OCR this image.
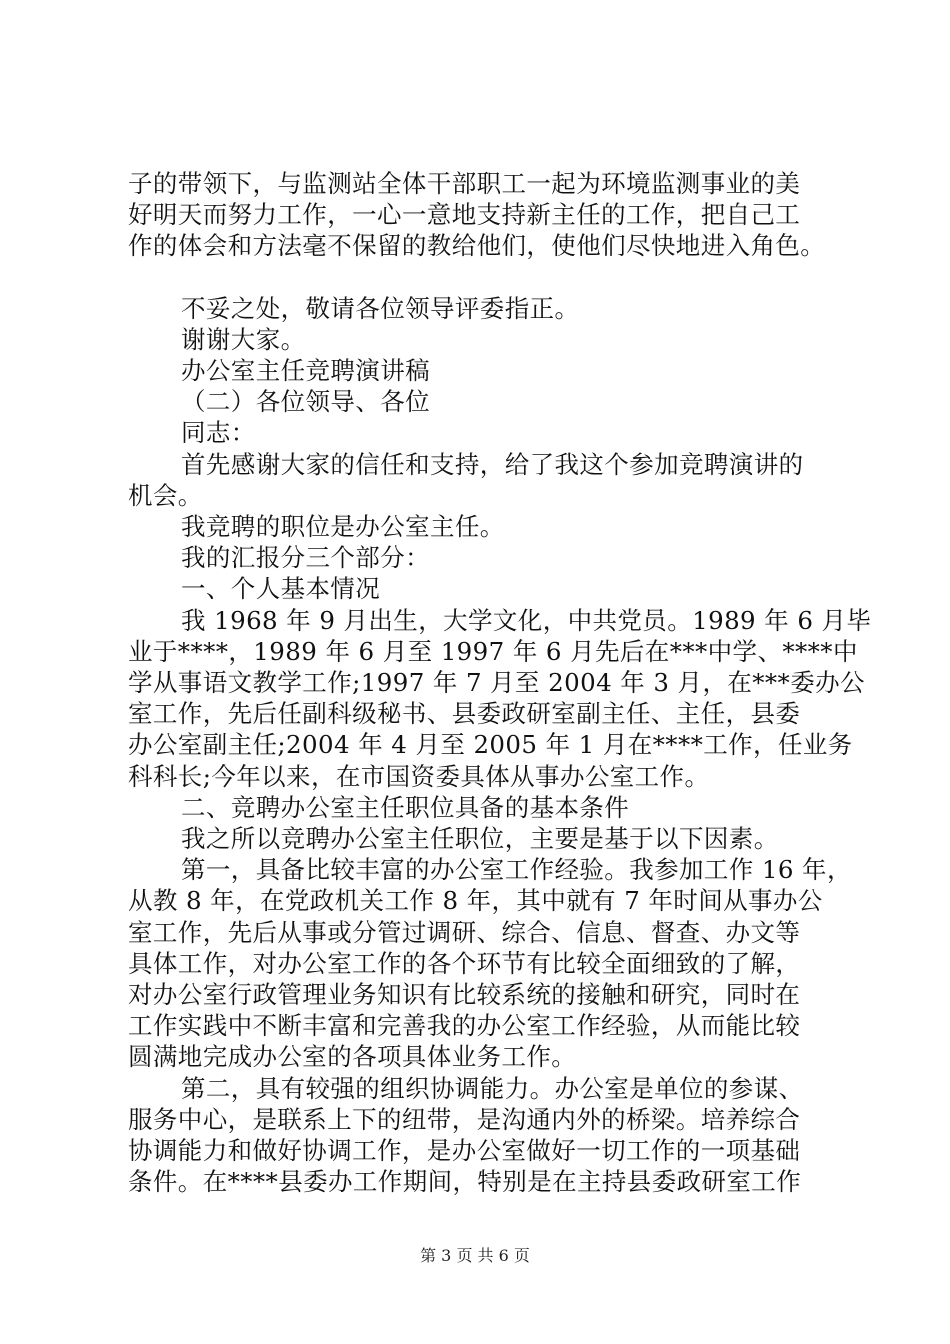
子的带领下，与监测站全体干部职工一起为环境监测事业的美

好明天而努力工作，一心一意地支持新主任的工作，把自己工

作的体会和方法毫不保留的教给他们，使他们尽快地进入角色。

不妥之处，敬请各位领导评委指正。

谢谢大家。

办公室主任竞聘演讲稿

（二）各位领导、各位

同志：

首先感谢大家的信任和支持，给了我这个参加竞聘演讲的

机会。

我竞聘的职位是办公室主任。

我的汇报分三个部分：

一、个人基本情况

我 1968 年 9 月出生，大学文化，中共党员。1989 年 6 月毕

业于****，1989 年 6 月至 1997 年 6 月先后在***中学、****中

学从事语文教学工作;1997 年 7 月至 2004 年 3 月，在***委办公

室工作，先后任副科级秘书、县委政研室副主任、主任，县委

办公室副主任;2004 年 4 月至 2005 年 1 月在****工作，任业务

科科长;今年以来，在市国资委具体从事办公室工作。

二、竞聘办公室主任职位具备的基本条件

我之所以竞聘办公室主任职位，主要是基于以下因素。

第一，具备比较丰富的办公室工作经验。我参加工作 16 年，

从教 8 年，在党政机关工作 8 年，其中就有 7 年时间从事办公

室工作，先后从事或分管过调研、综合、信息、督查、办文等

具体工作，对办公室工作的各个环节有比较全面细致的了解，

对办公室行政管理业务知识有比较系统的接触和研究，同时在

工作实践中不断丰富和完善我的办公室工作经验，从而能比较

圆满地完成办公室的各项具体业务工作。

第二，具有较强的组织协调能力。办公室是单位的参谋、

服务中心，是联系上下的纽带，是沟通内外的桥梁。培养综合

协调能力和做好协调工作，是办公室做好一切工作的一项基础

条件。在****县委办工作期间，特别是在主持县委政研室工作

第 3 页 共 6 页
